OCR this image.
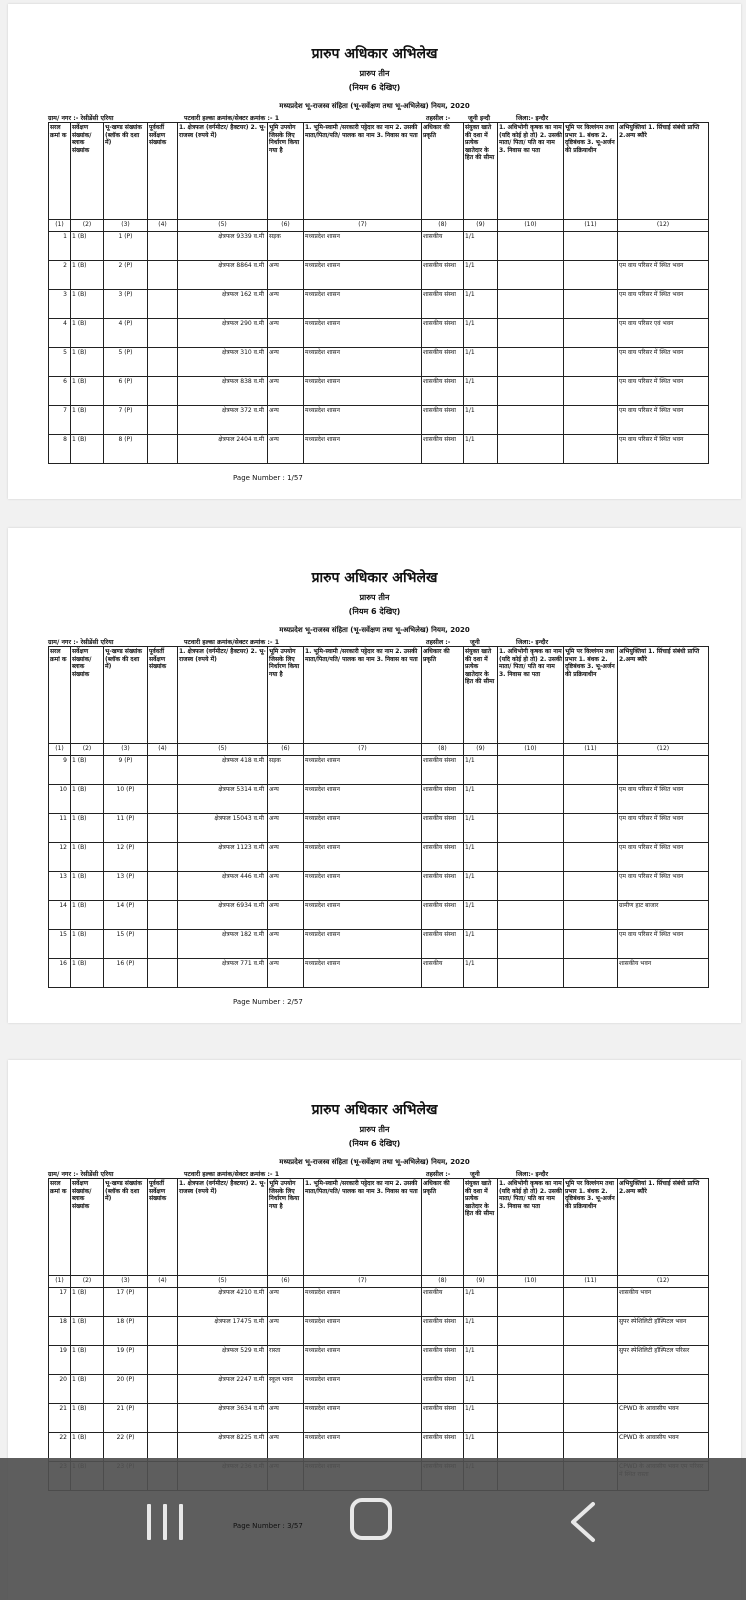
प्रारुप अधिकार अभिलेख
प्रारुप तीन
(नियम 6 देखिए)
मध्यप्रदेश भू-राजस्व संहिता (भू-सर्वेक्षण तथा भू-अभिलेख) नियम, 2020
ग्राम/ नगर :- रेसीडेंसी एरिया	पटवारी हल्का क्रमांक/सेक्टर क्रमांक :- 1	तहसील :-	जूनी इन्दौ	जिला:- इन्दौर
सरल क्रमां क	सर्वेक्षण संख्यांक/ ब्लाक संख्यांक	भू-खण्ड संख्यांक (ब्लॉक की दशा में)	पूर्ववर्ती सर्वेक्षण संख्यांक	1. क्षेत्रफल (वर्गमीटर/ हैक्टयर) 2. भू-राजस्व (रुपये में)	भूमि उपयोग जिसके लिए निर्धारण किया गया है	1. भूमि-स्वामी /सरकारी पट्टेदार का नाम 2. उसकी माता/पिता/पति/ पालक का नाम 3. निवास का पता	अधिकार की प्रकृति	संयुक्त खाते की दशा में प्रत्येक खातेदार के हित की सीमा	1. अधिभोगी कृषक का नाम (यदि कोई हो तो) 2. उसकी माता/ पिता/ पति का नाम 3. निवास का पता	भूमि पर विल्लंगम तथा प्रभार 1. बंधक 2. दृष्टिबंधक 3. भू-अर्जन की प्रक्रियाधीन	अभियुक्तियां 1. सिंचाई संबंधी प्राप्ति 2.अन्य ब्यौरे
(1)	(2)	(3)	(4)	(5)	(6)	(7)	(8)	(9)	(10)	(11)	(12)
1	1 (B)	1 (P)		क्षेत्रफल 9339 व.मी	सड़क	मध्यप्रदेश शासन	शासकीय	1/1			
2	1 (B)	2 (P)		क्षेत्रफल 8864 व.मी	अन्य	मध्यप्रदेश शासन	शासकीय संस्था	1/1			एम वाय परिसर में स्थित भवन
3	1 (B)	3 (P)		क्षेत्रफल 162 व.मी	अन्य	मध्यप्रदेश शासन	शासकीय संस्था	1/1			एम वाय परिसर में स्थित भवन
4	1 (B)	4 (P)		क्षेत्रफल 290 व.मी	अन्य	मध्यप्रदेश शासन	शासकीय संस्था	1/1			एम वाय परिसर एवं भवन
5	1 (B)	5 (P)		क्षेत्रफल 310 व.मी	अन्य	मध्यप्रदेश शासन	शासकीय संस्था	1/1			एम वाय परिसर में स्थित भवन
6	1 (B)	6 (P)		क्षेत्रफल 838 व.मी	अन्य	मध्यप्रदेश शासन	शासकीय संस्था	1/1			एम वाय परिसर में स्थित भवन
7	1 (B)	7 (P)		क्षेत्रफल 372 व.मी	अन्य	मध्यप्रदेश शासन	शासकीय संस्था	1/1			एम वाय परिसर में स्थित भवन
8	1 (B)	8 (P)		क्षेत्रफल 2404 व.मी	अन्य	मध्यप्रदेश शासन	शासकीय संस्था	1/1			एम वाय परिसर में स्थित भवन
Page Number : 1/57
प्रारुप अधिकार अभिलेख
प्रारुप तीन
(नियम 6 देखिए)
मध्यप्रदेश भू-राजस्व संहिता (भू-सर्वेक्षण तथा भू-अभिलेख) नियम, 2020
ग्राम/ नगर :- रेसीडेंसी एरिया	पटवारी हल्का क्रमांक/सेक्टर क्रमांक :- 1	तहसील :-	जूनी	जिला:- इन्दौर
सरल क्रमां क	सर्वेक्षण संख्यांक/ ब्लाक संख्यांक	भू-खण्ड संख्यांक (ब्लॉक की दशा में)	पूर्ववर्ती सर्वेक्षण संख्यांक	1. क्षेत्रफल (वर्गमीटर/ हैक्टयर) 2. भू-राजस्व (रुपये में)	भूमि उपयोग जिसके लिए निर्धारण किया गया है	1. भूमि-स्वामी /सरकारी पट्टेदार का नाम 2. उसकी माता/पिता/पति/ पालक का नाम 3. निवास का पता	अधिकार की प्रकृति	संयुक्त खाते की दशा में प्रत्येक खातेदार के हित की सीमा	1. अधिभोगी कृषक का नाम (यदि कोई हो तो) 2. उसकी माता/ पिता/ पति का नाम 3. निवास का पता	भूमि पर विल्लंगम तथा प्रभार 1. बंधक 2. दृष्टिबंधक 3. भू-अर्जन की प्रक्रियाधीन	अभियुक्तियां 1. सिंचाई संबंधी प्राप्ति 2.अन्य ब्यौरे
(1)	(2)	(3)	(4)	(5)	(6)	(7)	(8)	(9)	(10)	(11)	(12)
9	1 (B)	9 (P)		क्षेत्रफल 418 व.मी	सड़क	मध्यप्रदेश शासन	शासकीय संस्था	1/1			
10	1 (B)	10 (P)		क्षेत्रफल 5314 व.मी	अन्य	मध्यप्रदेश शासन	शासकीय संस्था	1/1			एम वाय परिसर में स्थित भवन
11	1 (B)	11 (P)		क्षेत्रफल 15043 व.मी	अन्य	मध्यप्रदेश शासन	शासकीय संस्था	1/1			एम वाय परिसर में स्थित भवन
12	1 (B)	12 (P)		क्षेत्रफल 1123 व.मी	अन्य	मध्यप्रदेश शासन	शासकीय संस्था	1/1			एम वाय परिसर में स्थित भवन
13	1 (B)	13 (P)		क्षेत्रफल 446 व.मी	अन्य	मध्यप्रदेश शासन	शासकीय संस्था	1/1			एम वाय परिसर में स्थित भवन
14	1 (B)	14 (P)		क्षेत्रफल 6934 व.मी	अन्य	मध्यप्रदेश शासन	शासकीय संस्था	1/1			ग्रामीण हाट बाजार
15	1 (B)	15 (P)		क्षेत्रफल 182 व.मी	अन्य	मध्यप्रदेश शासन	शासकीय संस्था	1/1			एम वाय परिसर में स्थित भवन
16	1 (B)	16 (P)		क्षेत्रफल 771 व.मी	अन्य	मध्यप्रदेश शासन	शासकीय	1/1			शासकीय भवन
Page Number : 2/57
प्रारुप अधिकार अभिलेख
प्रारुप तीन
(नियम 6 देखिए)
मध्यप्रदेश भू-राजस्व संहिता (भू-सर्वेक्षण तथा भू-अभिलेख) नियम, 2020
ग्राम/ नगर :- रेसीडेंसी एरिया	पटवारी हल्का क्रमांक/सेक्टर क्रमांक :- 1	तहसील :-	जूनी	जिला:- इन्दौर
सरल क्रमां क	सर्वेक्षण संख्यांक/ ब्लाक संख्यांक	भू-खण्ड संख्यांक (ब्लॉक की दशा में)	पूर्ववर्ती सर्वेक्षण संख्यांक	1. क्षेत्रफल (वर्गमीटर/ हैक्टयर) 2. भू-राजस्व (रुपये में)	भूमि उपयोग जिसके लिए निर्धारण किया गया है	1. भूमि-स्वामी /सरकारी पट्टेदार का नाम 2. उसकी माता/पिता/पति/ पालक का नाम 3. निवास का पता	अधिकार की प्रकृति	संयुक्त खाते की दशा में प्रत्येक खातेदार के हित की सीमा	1. अधिभोगी कृषक का नाम (यदि कोई हो तो) 2. उसकी माता/ पिता/ पति का नाम 3. निवास का पता	भूमि पर विल्लंगम तथा प्रभार 1. बंधक 2. दृष्टिबंधक 3. भू-अर्जन की प्रक्रियाधीन	अभियुक्तियां 1. सिंचाई संबंधी प्राप्ति 2.अन्य ब्यौरे
(1)	(2)	(3)	(4)	(5)	(6)	(7)	(8)	(9)	(10)	(11)	(12)
17	1 (B)	17 (P)		क्षेत्रफल 4210 व.मी	अन्य	मध्यप्रदेश शासन	शासकीय	1/1			शासकीय भवन
18	1 (B)	18 (P)		क्षेत्रफल 17475 व.मी	अन्य	मध्यप्रदेश शासन	शासकीय संस्था	1/1			सुपर स्पेशिलिटी हॉस्पिटल भवन
19	1 (B)	19 (P)		क्षेत्रफल 529 व.मी	रास्ता	मध्यप्रदेश शासन	शासकीय संस्था	1/1			सुपर स्पेशिलिटी हॉस्पिटल परिसर
20	1 (B)	20 (P)		क्षेत्रफल 2247 व.मी	स्कूल भवन	मध्यप्रदेश शासन	शासकीय संस्था	1/1			
21	1 (B)	21 (P)		क्षेत्रफल 3634 व.मी	अन्य	मध्यप्रदेश शासन	शासकीय संस्था	1/1			CPWD के आवासीय भवन
22	1 (B)	22 (P)		क्षेत्रफल 8225 व.मी	अन्य	मध्यप्रदेश शासन	शासकीय संस्था	1/1			CPWD के आवासीय भवन

Page Number : 3/57
